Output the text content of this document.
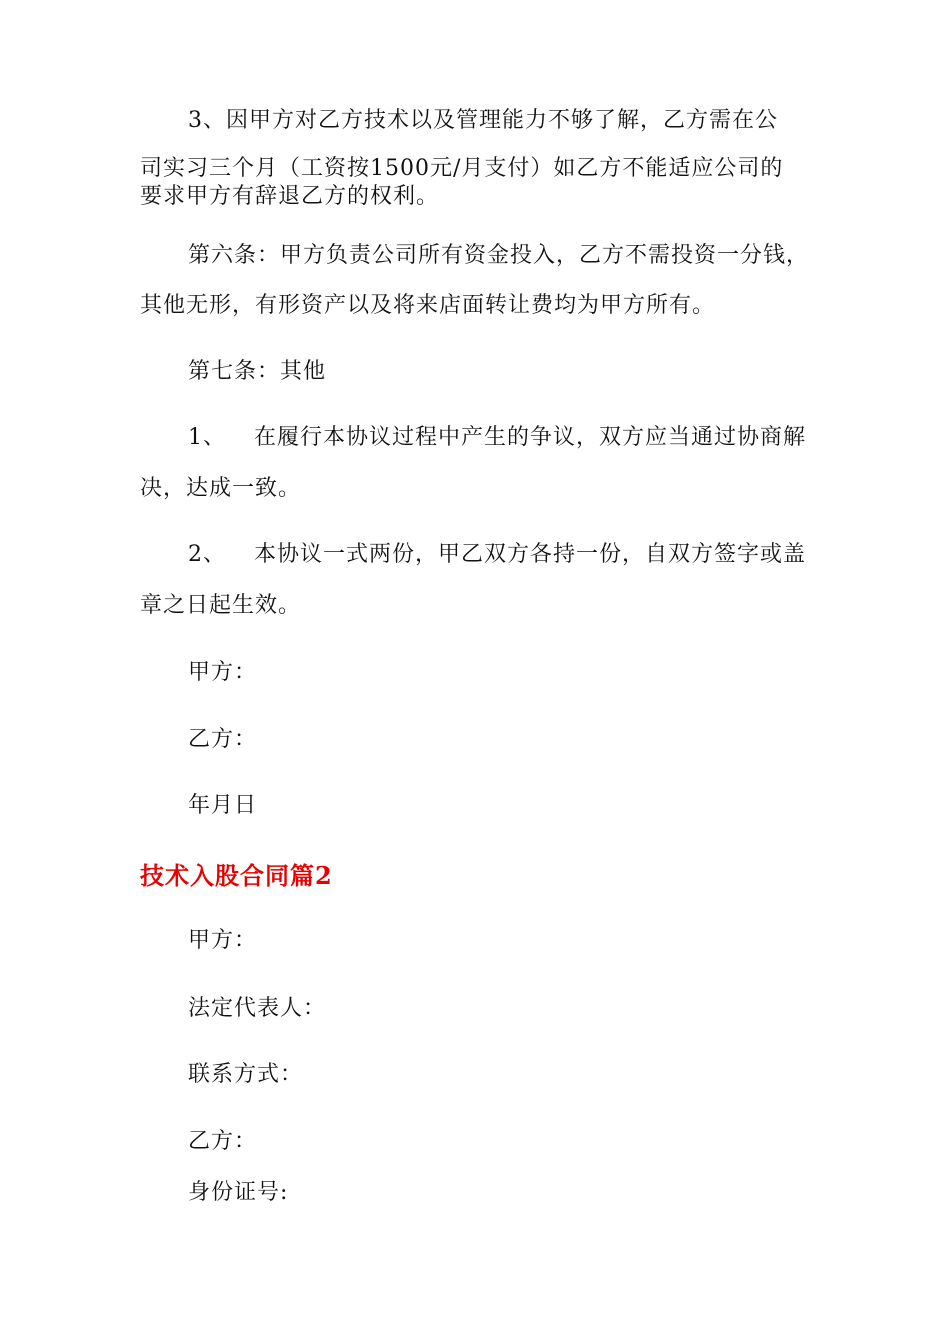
3、因甲方对乙方技术以及管理能力不够了解，乙方需在公
司实习三个月（工资按1500元/月支付）如乙方不能适应公司的
要求甲方有辞退乙方的权利。
第六条：甲方负责公司所有资金投入，乙方不需投资一分钱，
其他无形，有形资产以及将来店面转让费均为甲方所有。
第七条：其他
1、 在履行本协议过程中产生的争议，双方应当通过协商解
决，达成一致。
2、 本协议一式两份，甲乙双方各持一份，自双方签字或盖
章之日起生效。
甲方：
乙方：
年月日
技术入股合同篇2
甲方：
法定代表人：
联系方式：
乙方：
身份证号:
